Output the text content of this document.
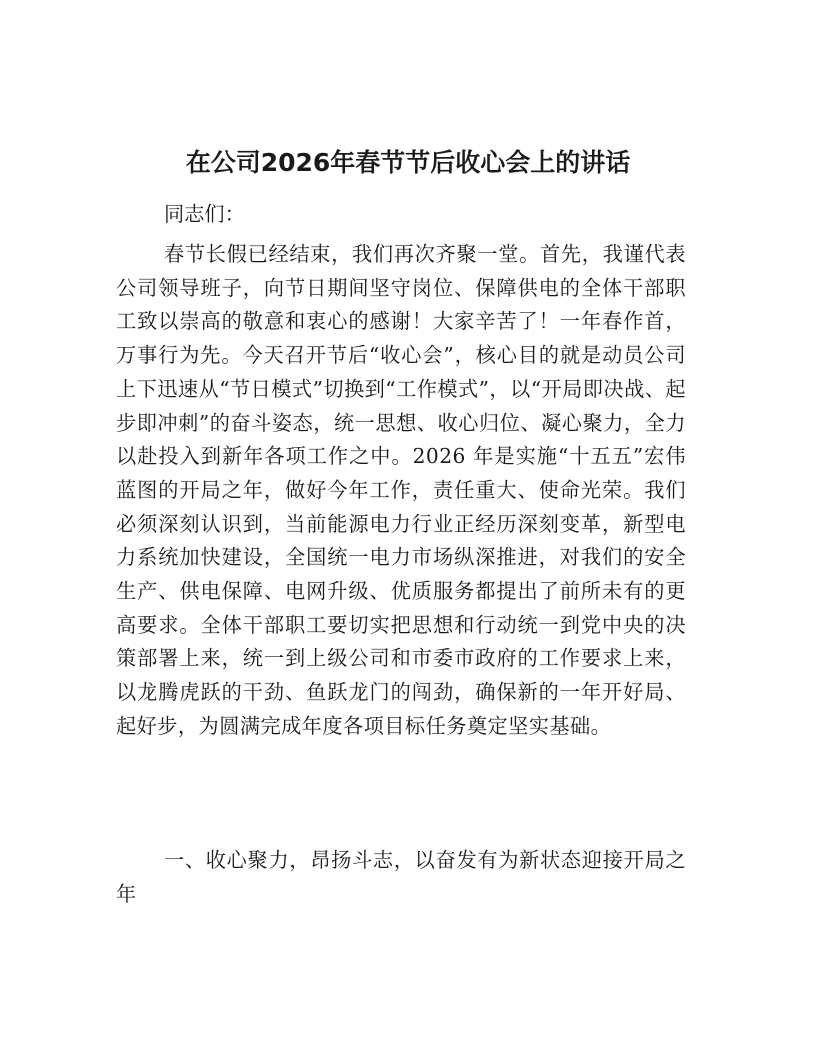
在公司2026年春节节后收心会上的讲话

同志们：

春节长假已经结束，我们再次齐聚一堂。首先，我谨代表公司领导班子，向节日期间坚守岗位、保障供电的全体干部职工致以崇高的敬意和衷心的感谢！大家辛苦了！一年春作首，万事行为先。今天召开节后“收心会”，核心目的就是动员公司上下迅速从“节日模式”切换到“工作模式”，以“开局即决战、起步即冲刺”的奋斗姿态，统一思想、收心归位、凝心聚力，全力以赴投入到新年各项工作之中。2026 年是实施“十五五”宏伟蓝图的开局之年，做好今年工作，责任重大、使命光荣。我们必须深刻认识到，当前能源电力行业正经历深刻变革，新型电力系统加快建设，全国统一电力市场纵深推进，对我们的安全生产、供电保障、电网升级、优质服务都提出了前所未有的更高要求。全体干部职工要切实把思想和行动统一到党中央的决策部署上来，统一到上级公司和市委市政府的工作要求上来，以龙腾虎跃的干劲、鱼跃龙门的闯劲，确保新的一年开好局、起好步，为圆满完成年度各项目标任务奠定坚实基础。

一、收心聚力，昂扬斗志，以奋发有为新状态迎接开局之年
